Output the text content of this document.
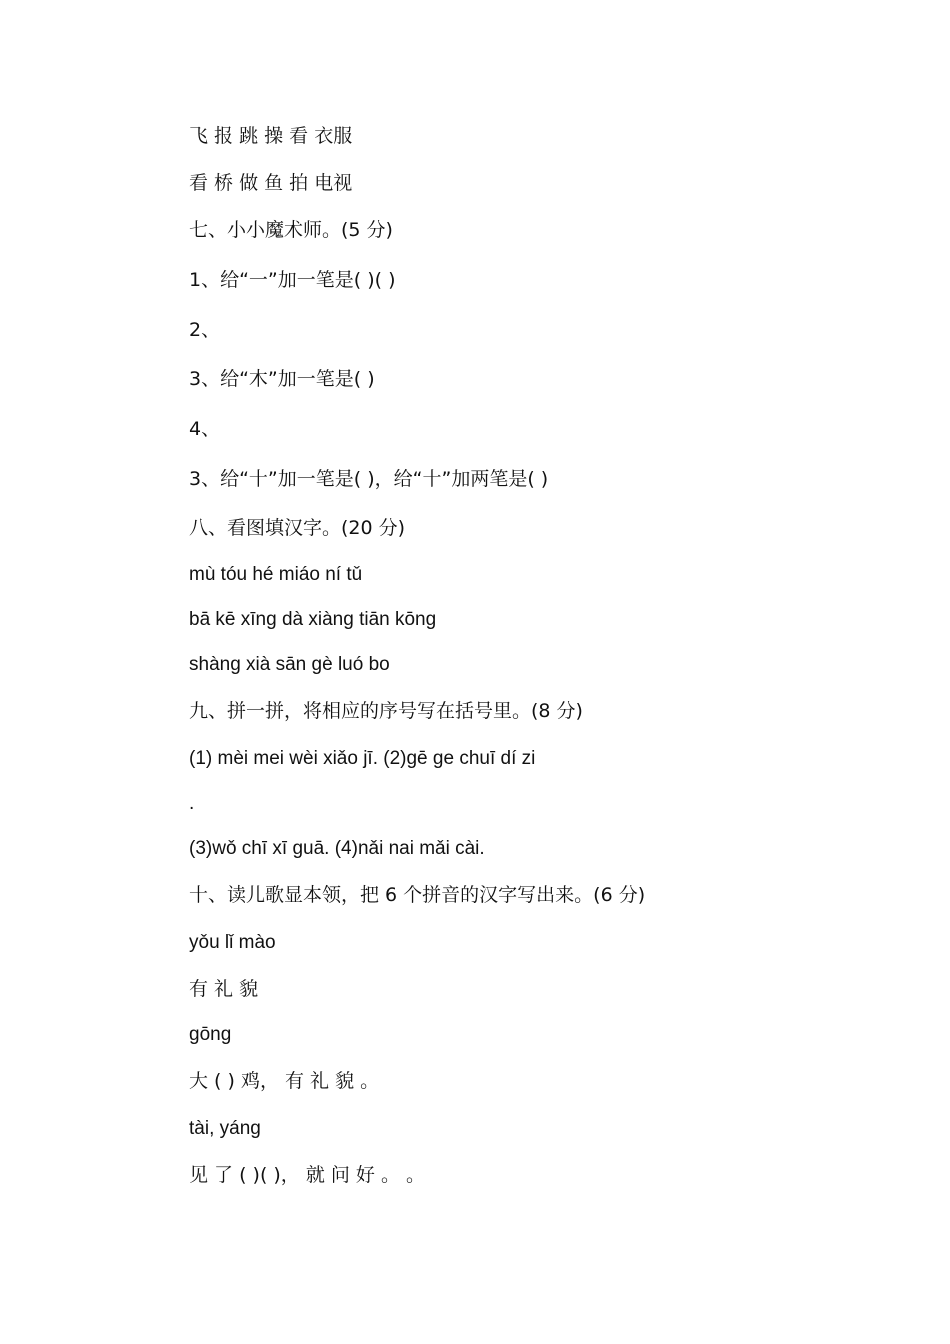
飞 报 跳 操 看 衣服

看 桥 做 鱼 拍 电视

七、小小魔术师。(5 分)

1、给“一”加一笔是( )( )

2、

3、给“木”加一笔是( )

4、

3、给“十”加一笔是( )，给“十”加两笔是( )

八、看图填汉字。(20 分)

mù tóu hé miáo ní tǔ

bā kē xīng dà xiàng tiān kōng

shàng xià sān gè luó bo

九、拼一拼，将相应的序号写在括号里。(8 分)

(1) mèi mei wèi xiǎo jī. (2)gē ge chuī dí zi

.

(3)wǒ chī xī guā. (4)nǎi nai mǎi cài.

十、读儿歌显本领，把 6 个拼音的汉字写出来。(6 分)

yǒu lǐ mào

有 礼 貌

gōng

大 ( ) 鸡， 有 礼 貌 。

tài, yáng

见 了 ( )( )， 就 问 好 。 。
